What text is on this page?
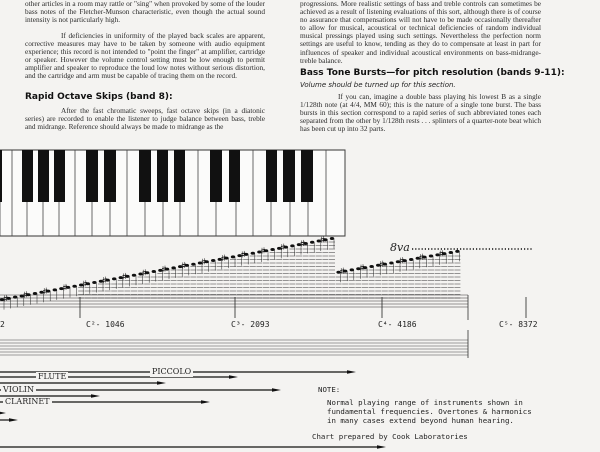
other articles in a room may rattle or "sing" when provoked by some of the louder bass notes of the Fletcher-Munson characteristic, even though the actual sound intensity is not particularly high.
If deficiencies in uniformity of the played back scales are apparent, corrective measures may have to be taken by someone with audio equipment experience; this record is not intended to "point the finger" at amplifier, cartridge or speaker. However the volume control setting must be low enough to permit amplifier and speaker to reproduce the loud low notes without serious distortion, and the cartridge and arm must be capable of tracing them on the record.
Rapid Octave Skips (band 8):
After the fast chromatic sweeps, fast octave skips (in a diatonic series) are recorded to enable the listener to judge balance between bass, treble and midrange. Reference should always be made to midrange as the
progressions. More realistic settings of bass and treble controls can sometimes be achieved as a result of listening evaluations of this sort, although there is of course no assurance that compensations will not have to be made occasionally thereafter to allow for musical, acoustical or technical deficiencies of random individual musical pressings played using such settings. Nevertheless the perfection norm settings are useful to know, tending as they do to compensate at least in part for influences of speaker and individual acoustical environments on bass-midrange-treble balance.
Bass Tone Bursts—for pitch resolution (bands 9-11):
Volume should be turned up for this section.
If you can, imagine a double bass playing his lowest B as a single 1/128th note (at 4/4, MM 60); this is the nature of a single tone burst. The bass bursts in this section correspond to a rapid series of such abbreviated tones each separated from the other by 1/128th rests . . . splinters of a quarter-note beat which has been cut up into 32 parts.
2	C²- 1046	C³- 2093	C⁴- 4186	C⁵- 8372
8va
PICCOLO
FLUTE
VIOLIN
CLARINET
NOTE:
Normal playing range of instruments shown in
fundamental frequencies. Overtones & harmonics
in many cases extend beyond human hearing.
Chart prepared by Cook Laboratories
